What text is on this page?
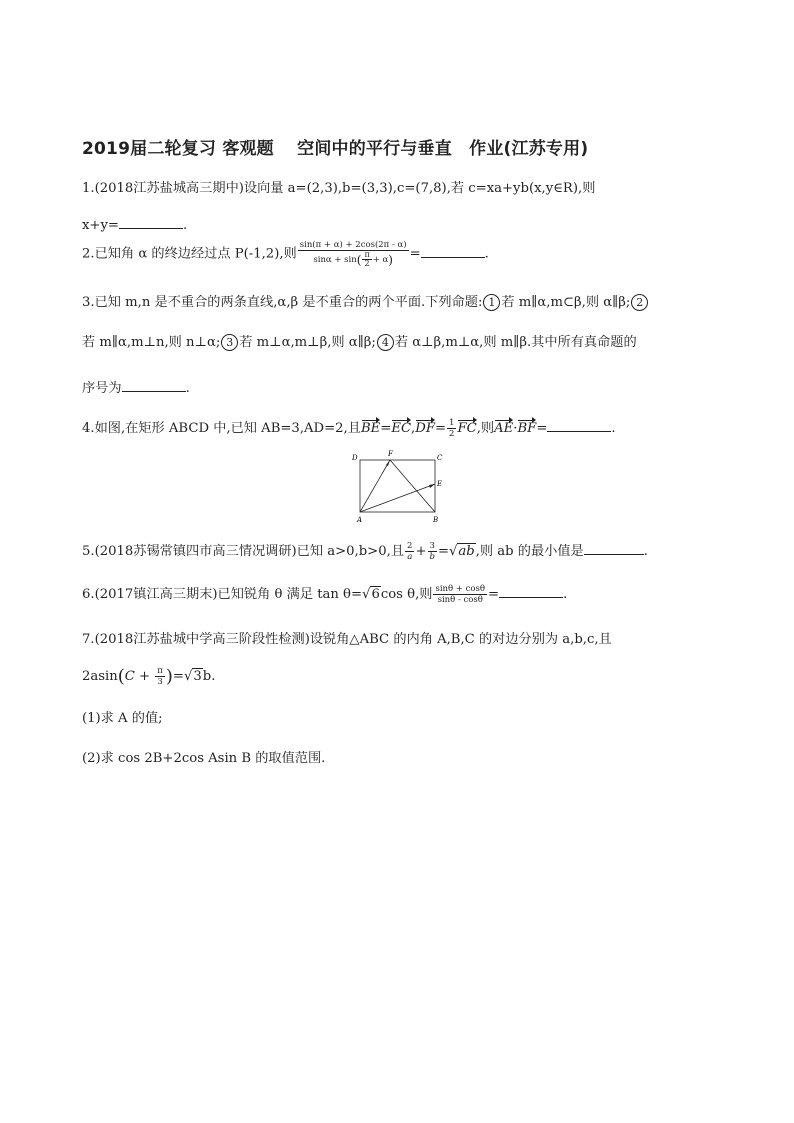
2019届二轮复习 客观题　 空间中的平行与垂直　作业(江苏专用)
1.(2018江苏盐城高三期中)设向量 a=(2,3),b=(3,3),c=(7,8),若 c=xa+yb(x,y∈R),则
x+y=	.
2.已知角 α 的终边经过点 P(-1,2),则 $\frac{\sin(\pi + \alpha) + 2\cos(2\pi - \alpha)}{\sin\alpha + \sin( \frac{\pi}{2} + \alpha)}$ =	.
3.已知 m,n 是不重合的两条直线,α,β 是不重合的两个平面.下列命题: 1 若 m∥α,m⊂β,则 α∥β; 2
若 m∥α,m⊥n,则 n⊥α; 3 若 m⊥α,m⊥β,则 α∥β; 4 若 α⊥β,m⊥α,则 m∥β.其中所有真命题的
序号为	.
4.如图,在矩形 ABCD 中,已知 AB=3,AD=2,且$BE=EC,DF= \frac{1}{2}$ FC,则AE·BF=	.
D	F	C
E
A	B
5.(2018苏锡常镇四市高三情况调研)已知 a>0,b>0,且 $\frac{2}{a} + \frac{3}{b} =√ab$,则 ab 的最小值是	.
6.(2017镇江高三期末)已知锐角 θ 满足 tan θ=√6cos θ,则 $\frac{\sin\theta + \cos\theta}{\sin\theta - \cos\theta}$ =	.
7.(2018江苏盐城中学高三阶段性检测)设锐角△ABC 的内角 A,B,C 的对边分别为 a,b,c,且
$2asin(C + \frac{\pi}{3} )=√3b$.
(1)求 A 的值;
(2)求 cos 2B+2cos Asin B 的取值范围.
